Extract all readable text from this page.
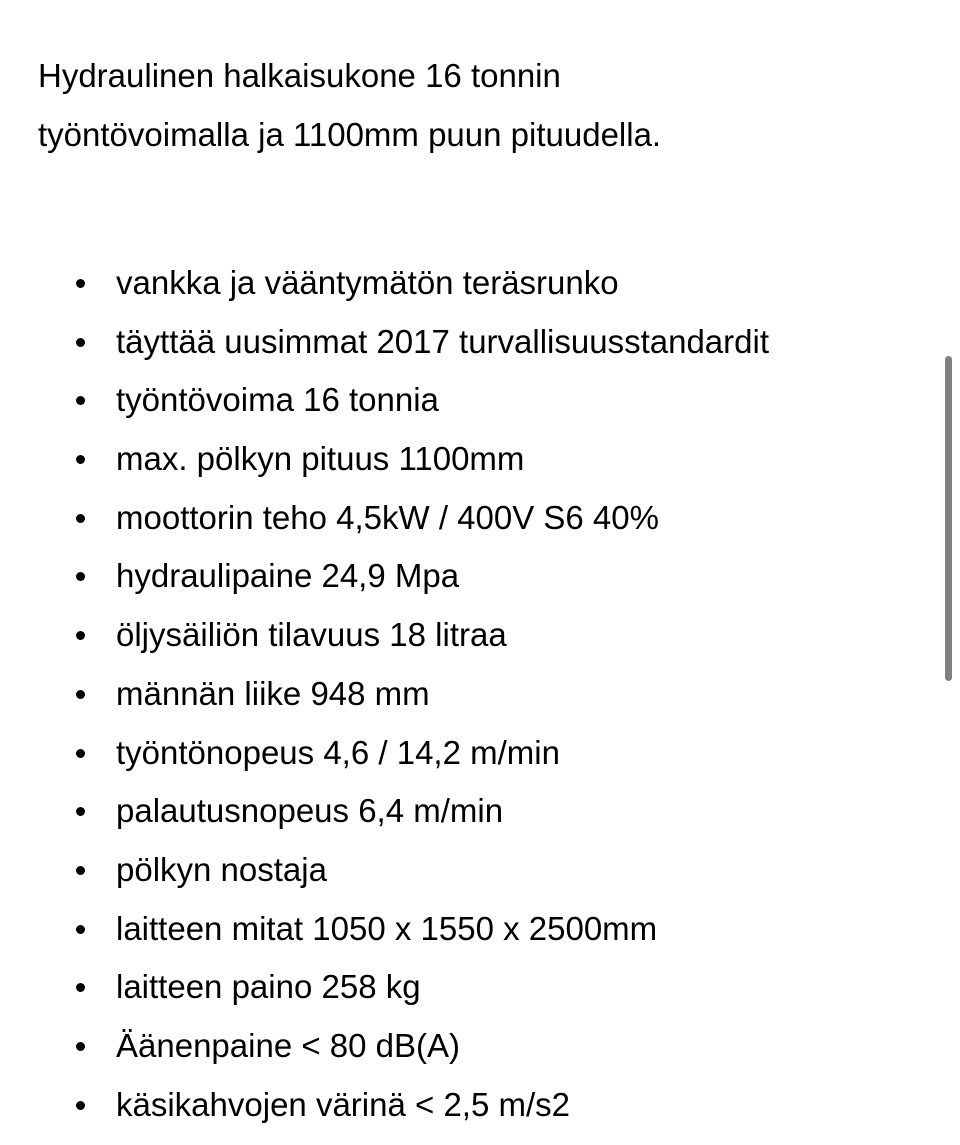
Hydraulinen halkaisukone 16 tonnin
työntövoimalla ja 1100mm puun pituudella.

vankka ja vääntymätön teräsrunko
täyttää uusimmat 2017 turvallisuusstandardit
työntövoima 16 tonnia
max. pölkyn pituus 1100mm
moottorin teho 4,5kW / 400V S6 40%
hydraulipaine 24,9 Mpa
öljysäiliön tilavuus 18 litraa
männän liike 948 mm
työntönopeus 4,6 / 14,2 m/min
palautusnopeus 6,4 m/min
pölkyn nostaja
laitteen mitat 1050 x 1550 x 2500mm
laitteen paino 258 kg
Äänenpaine < 80 dB(A)
käsikahvojen värinä < 2,5 m/s2
